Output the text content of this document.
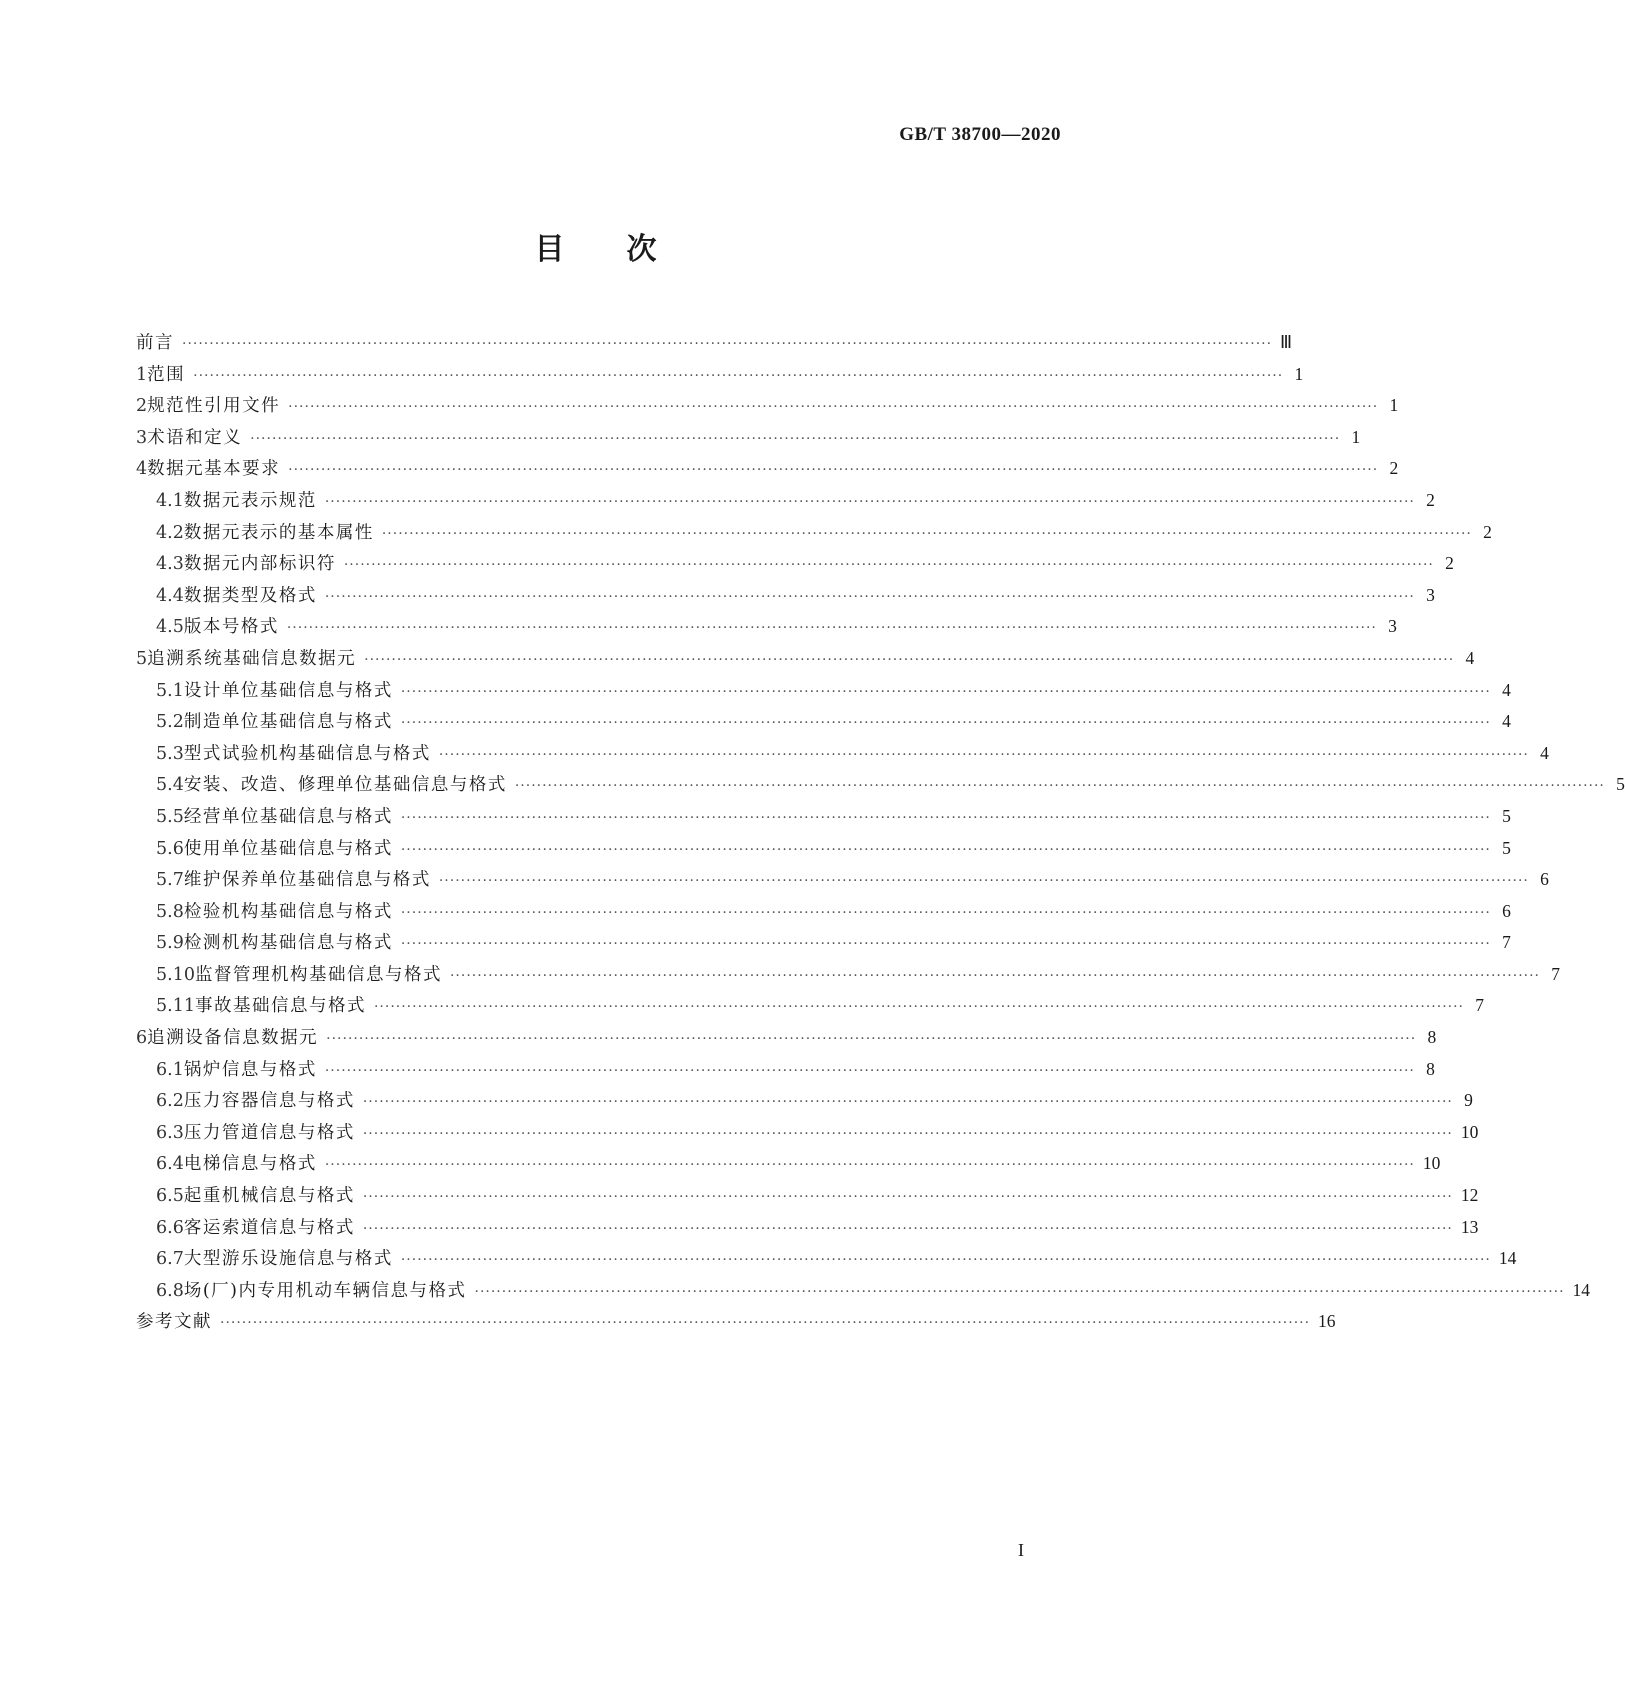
GB/T 38700—2020
目 次
前言 ········································································································································································································ Ⅲ
1 范围 ········································································································································································································ 1
2 规范性引用文件 ········································································································································································································ 1
3 术语和定义 ········································································································································································································ 1
4 数据元基本要求 ········································································································································································································ 2
4.1 数据元表示规范 ········································································································································································································ 2
4.2 数据元表示的基本属性 ········································································································································································································ 2
4.3 数据元内部标识符 ········································································································································································································ 2
4.4 数据类型及格式 ········································································································································································································ 3
4.5 版本号格式 ········································································································································································································ 3
5 追溯系统基础信息数据元 ········································································································································································································ 4
5.1 设计单位基础信息与格式 ········································································································································································································ 4
5.2 制造单位基础信息与格式 ········································································································································································································ 4
5.3 型式试验机构基础信息与格式 ········································································································································································································ 4
5.4 安装、改造、修理单位基础信息与格式 ········································································································································································································ 5
5.5 经营单位基础信息与格式 ········································································································································································································ 5
5.6 使用单位基础信息与格式 ········································································································································································································ 5
5.7 维护保养单位基础信息与格式 ········································································································································································································ 6
5.8 检验机构基础信息与格式 ········································································································································································································ 6
5.9 检测机构基础信息与格式 ········································································································································································································ 7
5.10 监督管理机构基础信息与格式 ········································································································································································································ 7
5.11 事故基础信息与格式 ········································································································································································································ 7
6 追溯设备信息数据元 ········································································································································································································ 8
6.1 锅炉信息与格式 ········································································································································································································ 8
6.2 压力容器信息与格式 ········································································································································································································ 9
6.3 压力管道信息与格式 ········································································································································································································ 10
6.4 电梯信息与格式 ········································································································································································································ 10
6.5 起重机械信息与格式 ········································································································································································································ 12
6.6 客运索道信息与格式 ········································································································································································································ 13
6.7 大型游乐设施信息与格式 ········································································································································································································ 14
6.8 场(厂)内专用机动车辆信息与格式 ········································································································································································································ 14
参考文献 ········································································································································································································ 16
I
